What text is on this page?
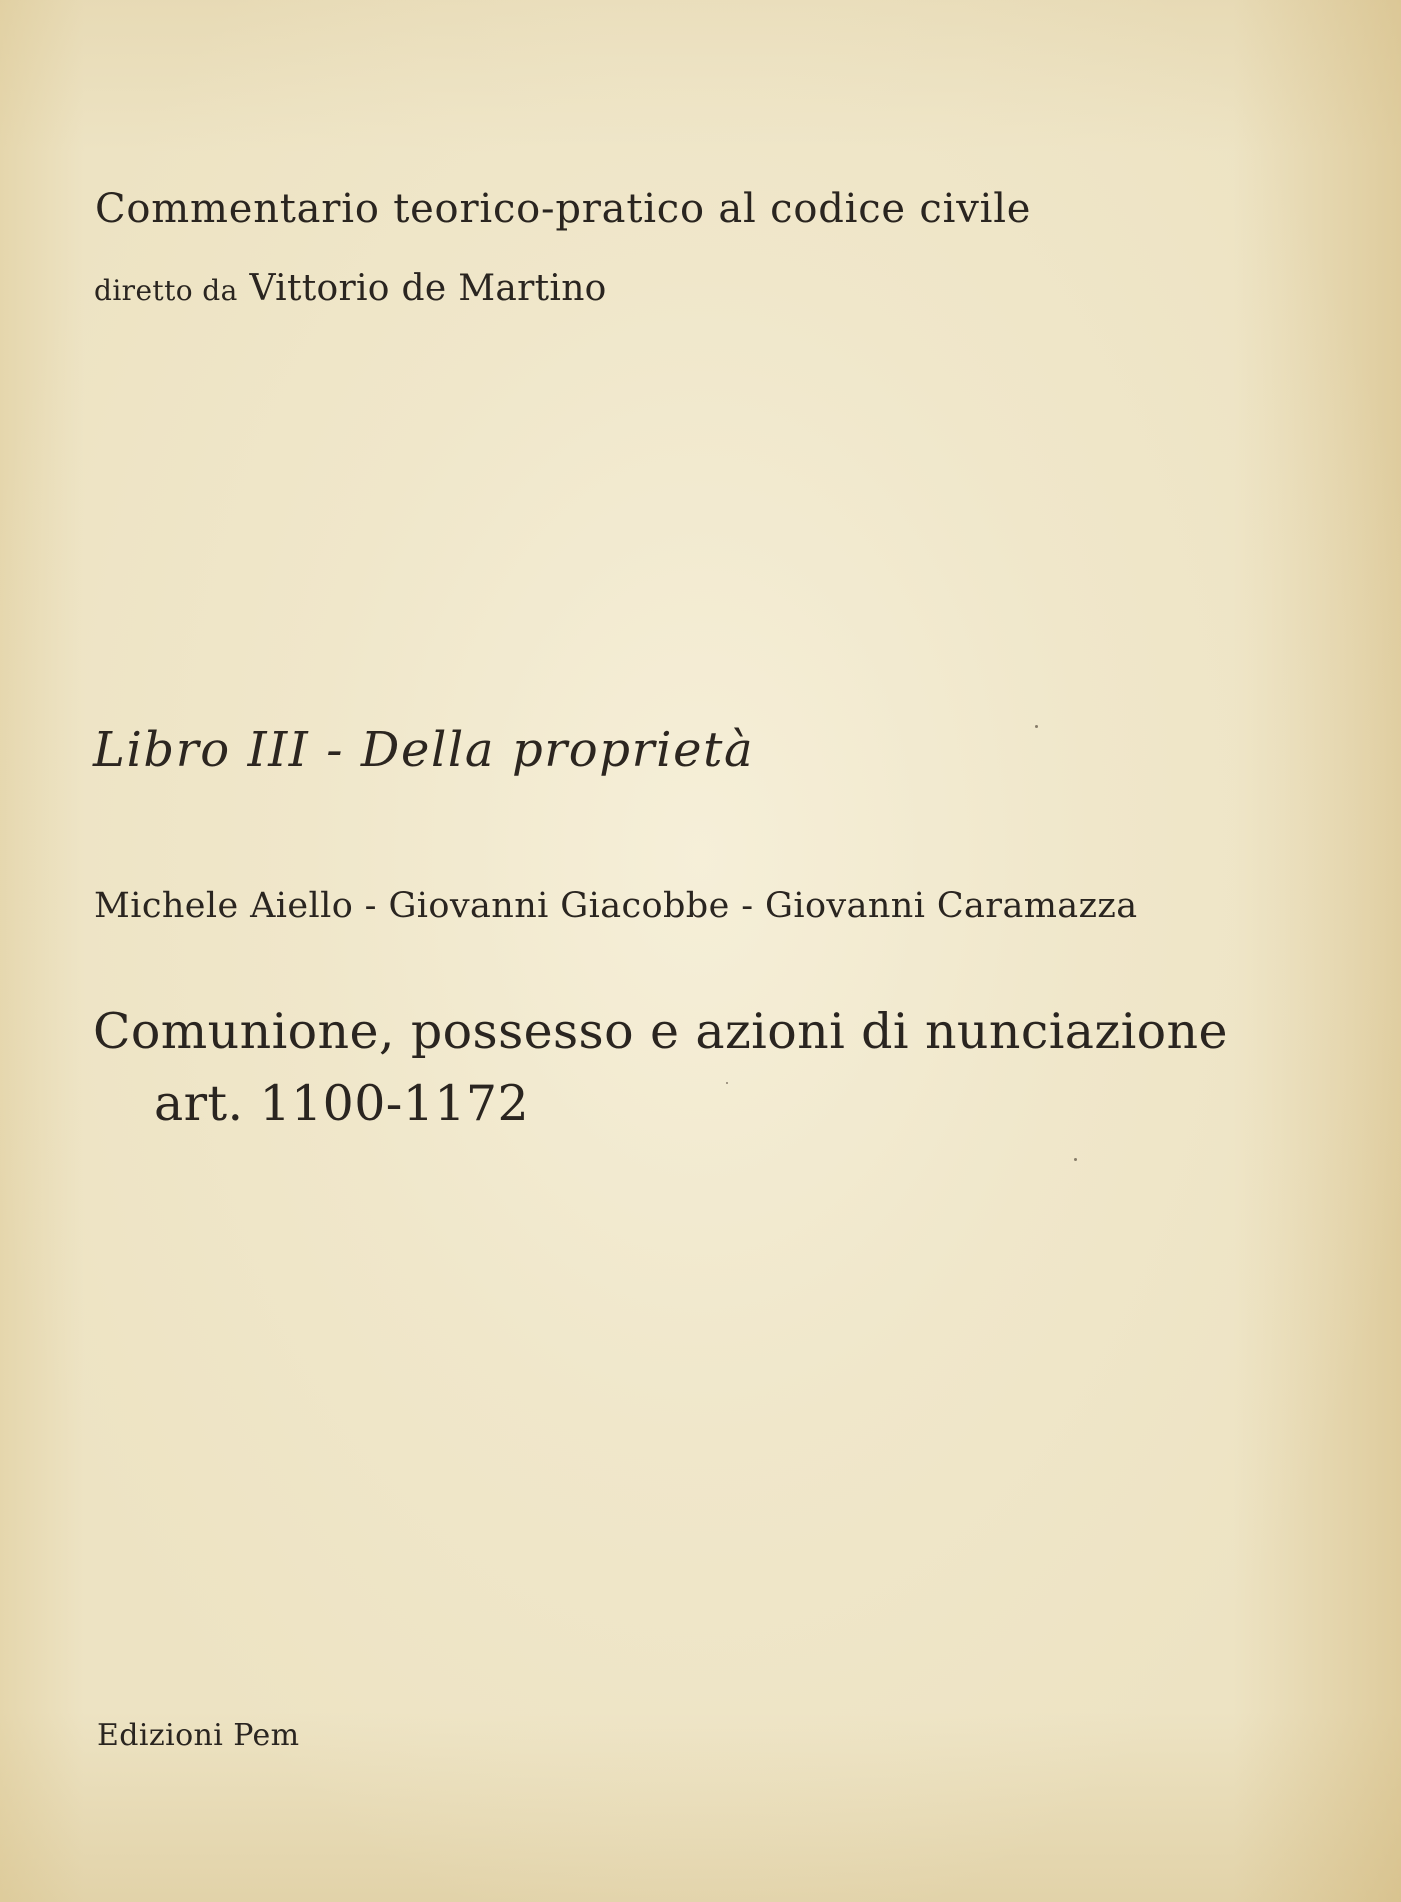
Commentario teorico-pratico al codice civile

diretto da Vittorio de Martino

Libro III - Della proprietà

Michele Aiello - Giovanni Giacobbe - Giovanni Caramazza

Comunione, possesso e azioni di nunciazione

art. 1100-1172

Edizioni Pem
